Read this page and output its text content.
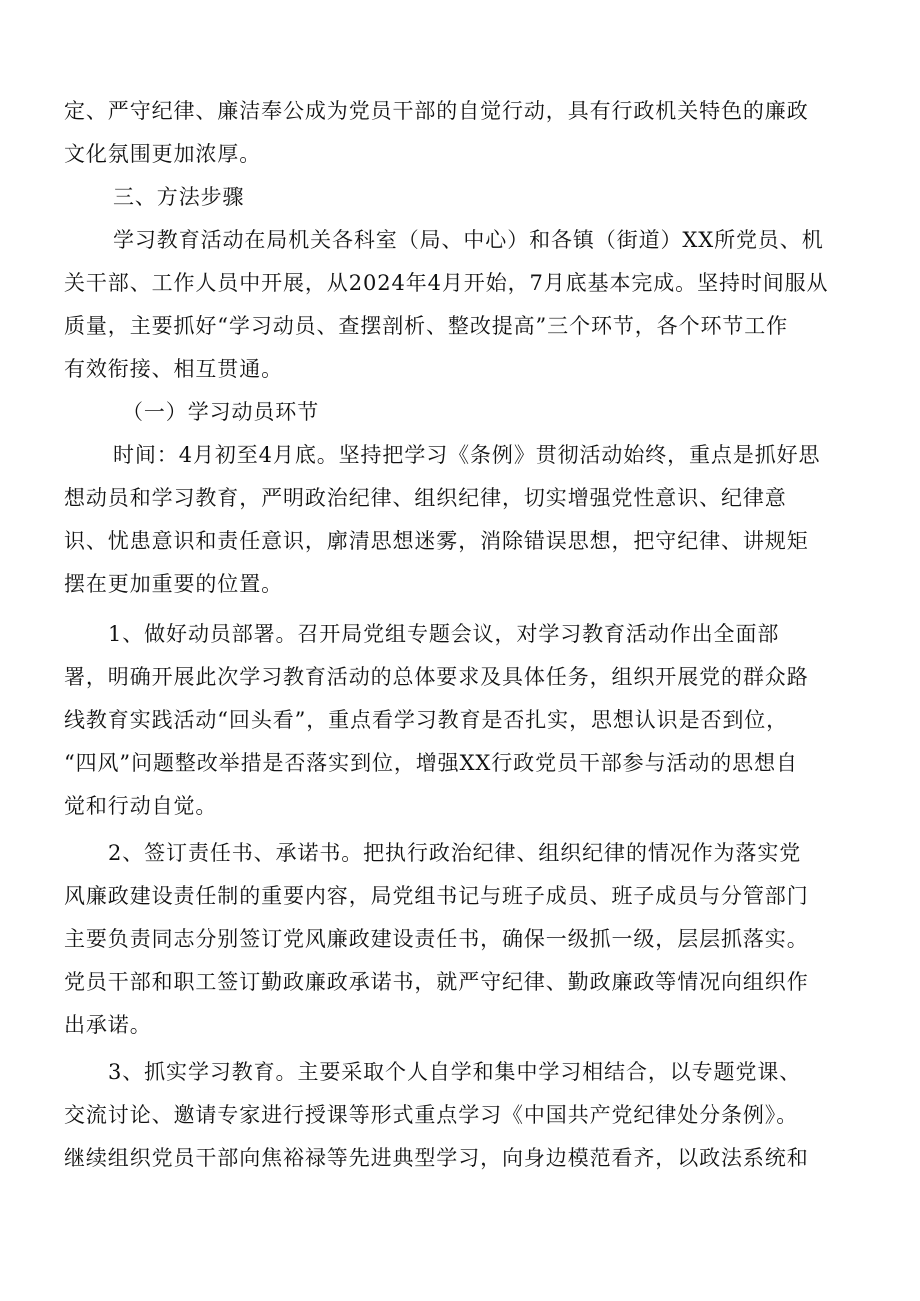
定、严守纪律、廉洁奉公成为党员干部的自觉行动，具有行政机关特色的廉政
文化氛围更加浓厚。
三、方法步骤
学习教育活动在局机关各科室（局、中心）和各镇（街道）XX所党员、机
关干部、工作人员中开展，从2024年4月开始，7月底基本完成。坚持时间服从
质量，主要抓好“学习动员、查摆剖析、整改提高”三个环节，各个环节工作
有效衔接、相互贯通。
（一）学习动员环节
时间：4月初至4月底。坚持把学习《条例》贯彻活动始终，重点是抓好思
想动员和学习教育，严明政治纪律、组织纪律，切实增强党性意识、纪律意
识、忧患意识和责任意识，廓清思想迷雾，消除错误思想，把守纪律、讲规矩
摆在更加重要的位置。
1、做好动员部署。召开局党组专题会议，对学习教育活动作出全面部
署，明确开展此次学习教育活动的总体要求及具体任务，组织开展党的群众路
线教育实践活动“回头看”，重点看学习教育是否扎实，思想认识是否到位，
“四风”问题整改举措是否落实到位，增强XX行政党员干部参与活动的思想自
觉和行动自觉。
2、签订责任书、承诺书。把执行政治纪律、组织纪律的情况作为落实党
风廉政建设责任制的重要内容，局党组书记与班子成员、班子成员与分管部门
主要负责同志分别签订党风廉政建设责任书，确保一级抓一级，层层抓落实。
党员干部和职工签订勤政廉政承诺书，就严守纪律、勤政廉政等情况向组织作
出承诺。
3、抓实学习教育。主要采取个人自学和集中学习相结合，以专题党课、
交流讨论、邀请专家进行授课等形式重点学习《中国共产党纪律处分条例》。
继续组织党员干部向焦裕禄等先进典型学习，向身边模范看齐，以政法系统和
